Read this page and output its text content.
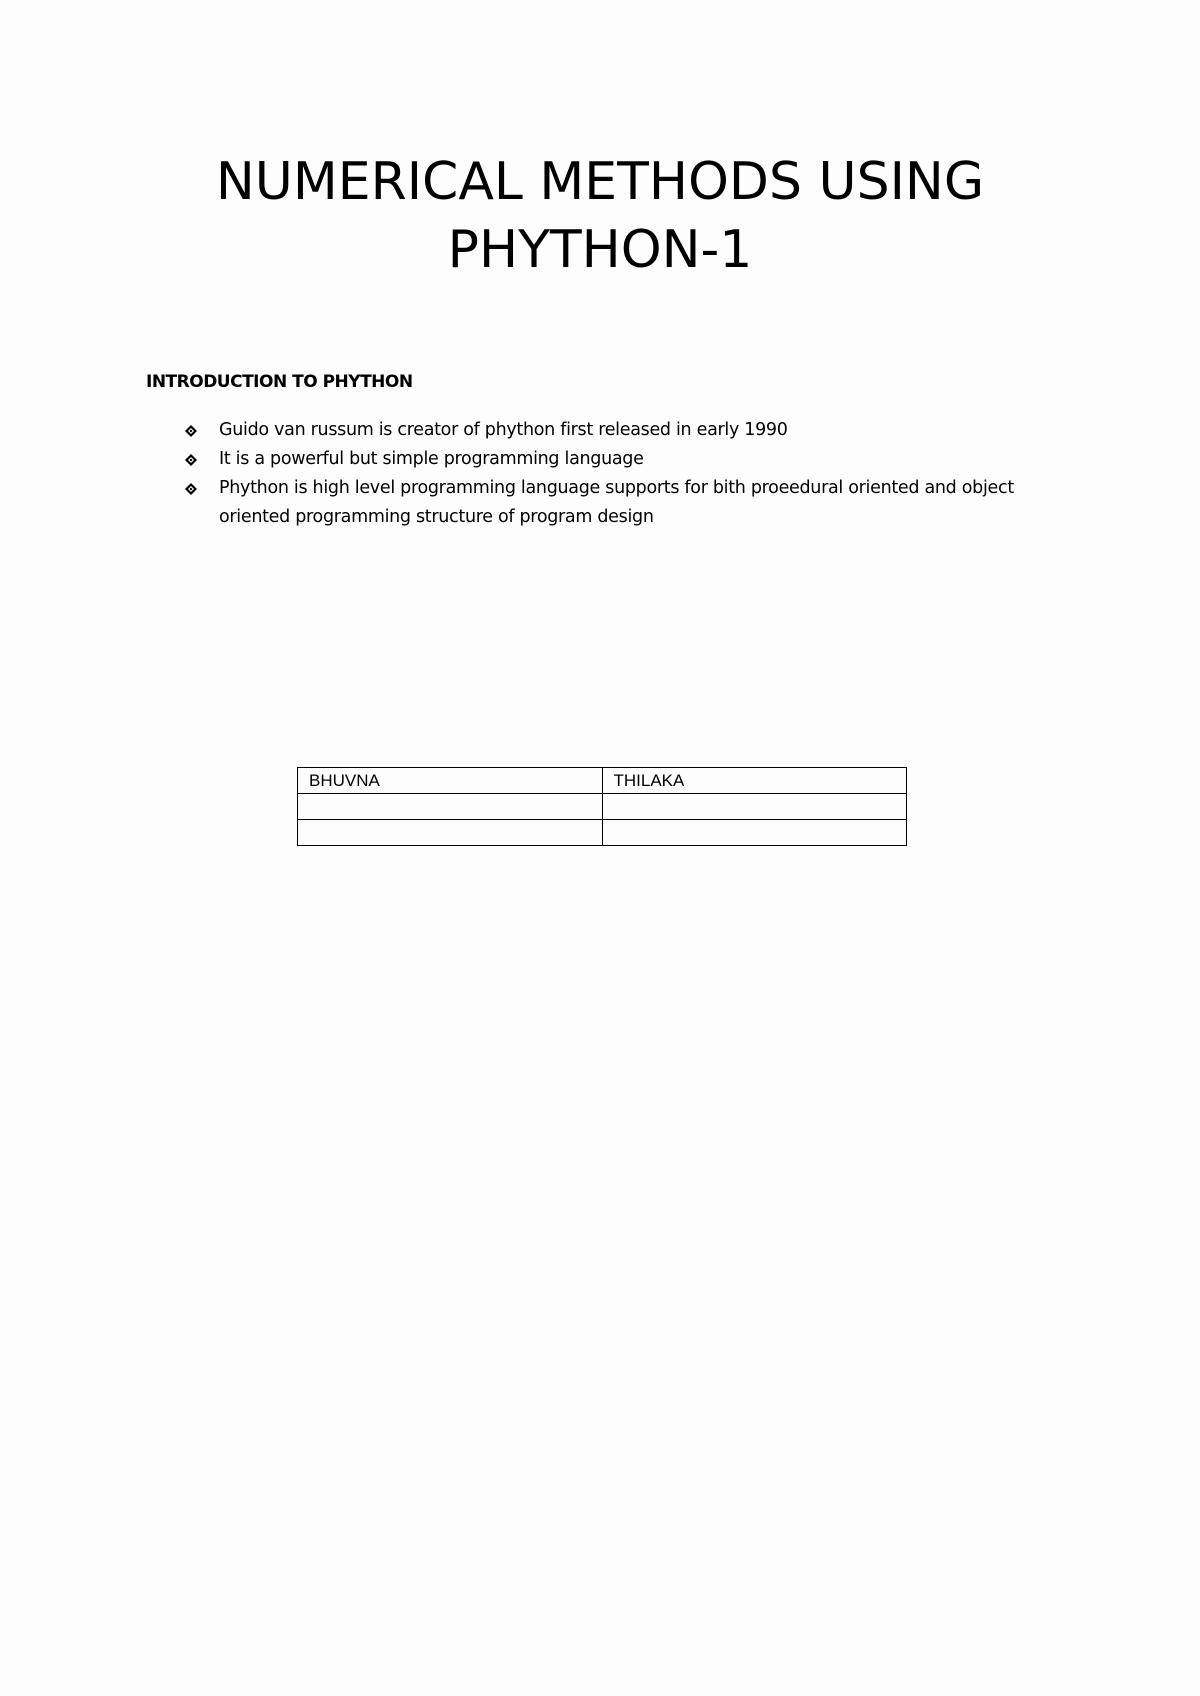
NUMERICAL METHODS USING
PHYTHON-1
INTRODUCTION TO PHYTHON
Guido van russum is creator of phython first released in early 1990
It is a powerful but simple programming language
Phython is high level programming language supports for bith proeedural oriented and object oriented programming structure of program design
BHUVNA	THILAKA
